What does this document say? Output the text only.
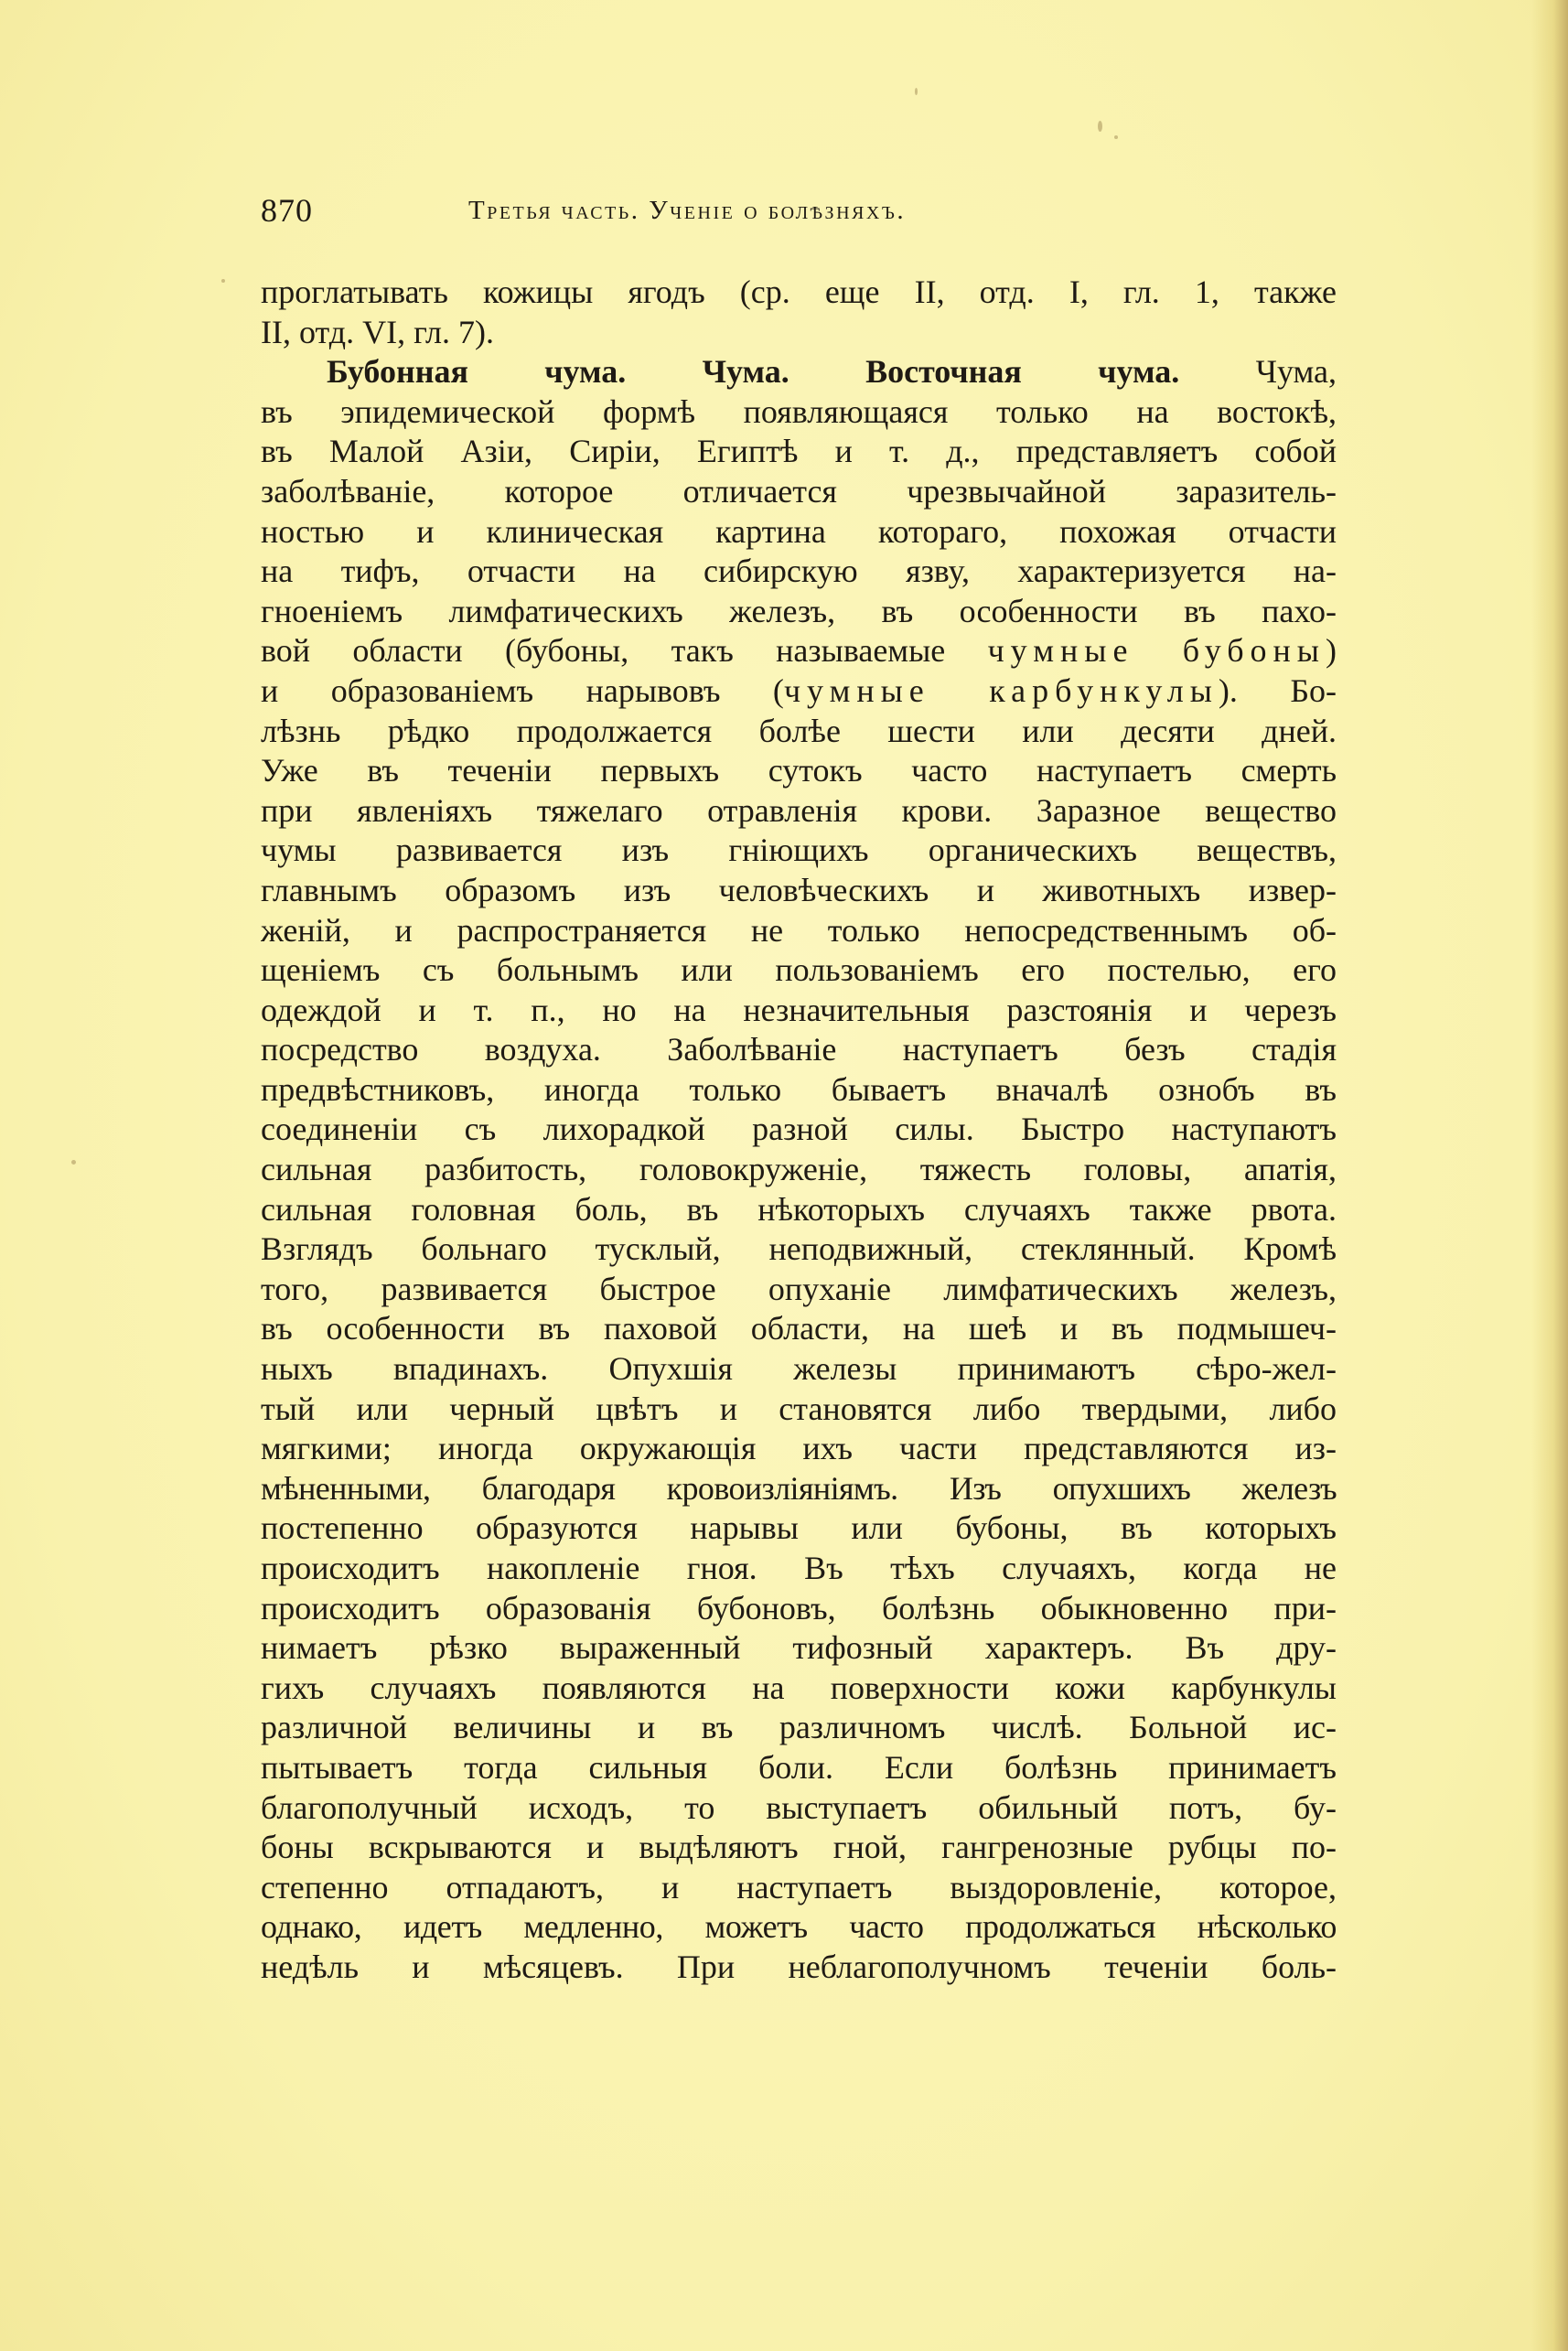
870	Третья часть. Ученіе о болѣзняхъ.
проглатывать кожицы ягодъ (ср. еще II, отд. I, гл. 1, также
II, отд. VI, гл. 7).
Бубонная чума. Чума. Восточная чума. Чума,
въ эпидемической формѣ появляющаяся только на востокѣ,
въ Малой Азіи, Сиріи, Египтѣ и т. д., представляетъ собой
заболѣваніе, которое отличается чрезвычайной заразитель-
ностью и клиническая картина котораго, похожая отчасти
на тифъ, отчасти на сибирскую язву, характеризуется на-
гноеніемъ лимфатическихъ железъ, въ особенности въ пахо-
вой области (бубоны, такъ называемые чумные бубоны)
и образованіемъ нарывовъ (чумные карбункулы). Бо-
лѣзнь рѣдко продолжается болѣе шести или десяти дней.
Уже въ теченіи первыхъ сутокъ часто наступаетъ смерть
при явленіяхъ тяжелаго отравленія крови. Заразное вещество
чумы развивается изъ гніющихъ органическихъ веществъ,
главнымъ образомъ изъ человѣческихъ и животныхъ извер-
женій, и распространяется не только непосредственнымъ об-
щеніемъ съ больнымъ или пользованіемъ его постелью, его
одеждой и т. п., но на незначительныя разстоянія и черезъ
посредство воздуха. Заболѣваніе наступаетъ безъ стадія
предвѣстниковъ, иногда только бываетъ вначалѣ ознобъ въ
соединеніи съ лихорадкой разной силы. Быстро наступаютъ
сильная разбитость, головокруженіе, тяжесть головы, апатія,
сильная головная боль, въ нѣкоторыхъ случаяхъ также рвота.
Взглядъ больнаго тусклый, неподвижный, стеклянный. Кромѣ
того, развивается быстрое опуханіе лимфатическихъ железъ,
въ особенности въ паховой области, на шеѣ и въ подмышеч-
ныхъ впадинахъ. Опухшія железы принимаютъ сѣро-жел-
тый или черный цвѣтъ и становятся либо твердыми, либо
мягкими; иногда окружающія ихъ части представляются из-
мѣненными, благодаря кровоизліяніямъ. Изъ опухшихъ железъ
постепенно образуются нарывы или бубоны, въ которыхъ
происходитъ накопленіе гноя. Въ тѣхъ случаяхъ, когда не
происходитъ образованія бубоновъ, болѣзнь обыкновенно при-
нимаетъ рѣзко выраженный тифозный характеръ. Въ дру-
гихъ случаяхъ появляются на поверхности кожи карбункулы
различной величины и въ различномъ числѣ. Больной ис-
пытываетъ тогда сильныя боли. Если болѣзнь принимаетъ
благополучный исходъ, то выступаетъ обильный потъ, бу-
боны вскрываются и выдѣляютъ гной, гангренозные рубцы по-
степенно отпадаютъ, и наступаетъ выздоровленіе, которое,
однако, идетъ медленно, можетъ часто продолжаться нѣсколько
недѣль и мѣсяцевъ. При неблагополучномъ теченіи боль-
